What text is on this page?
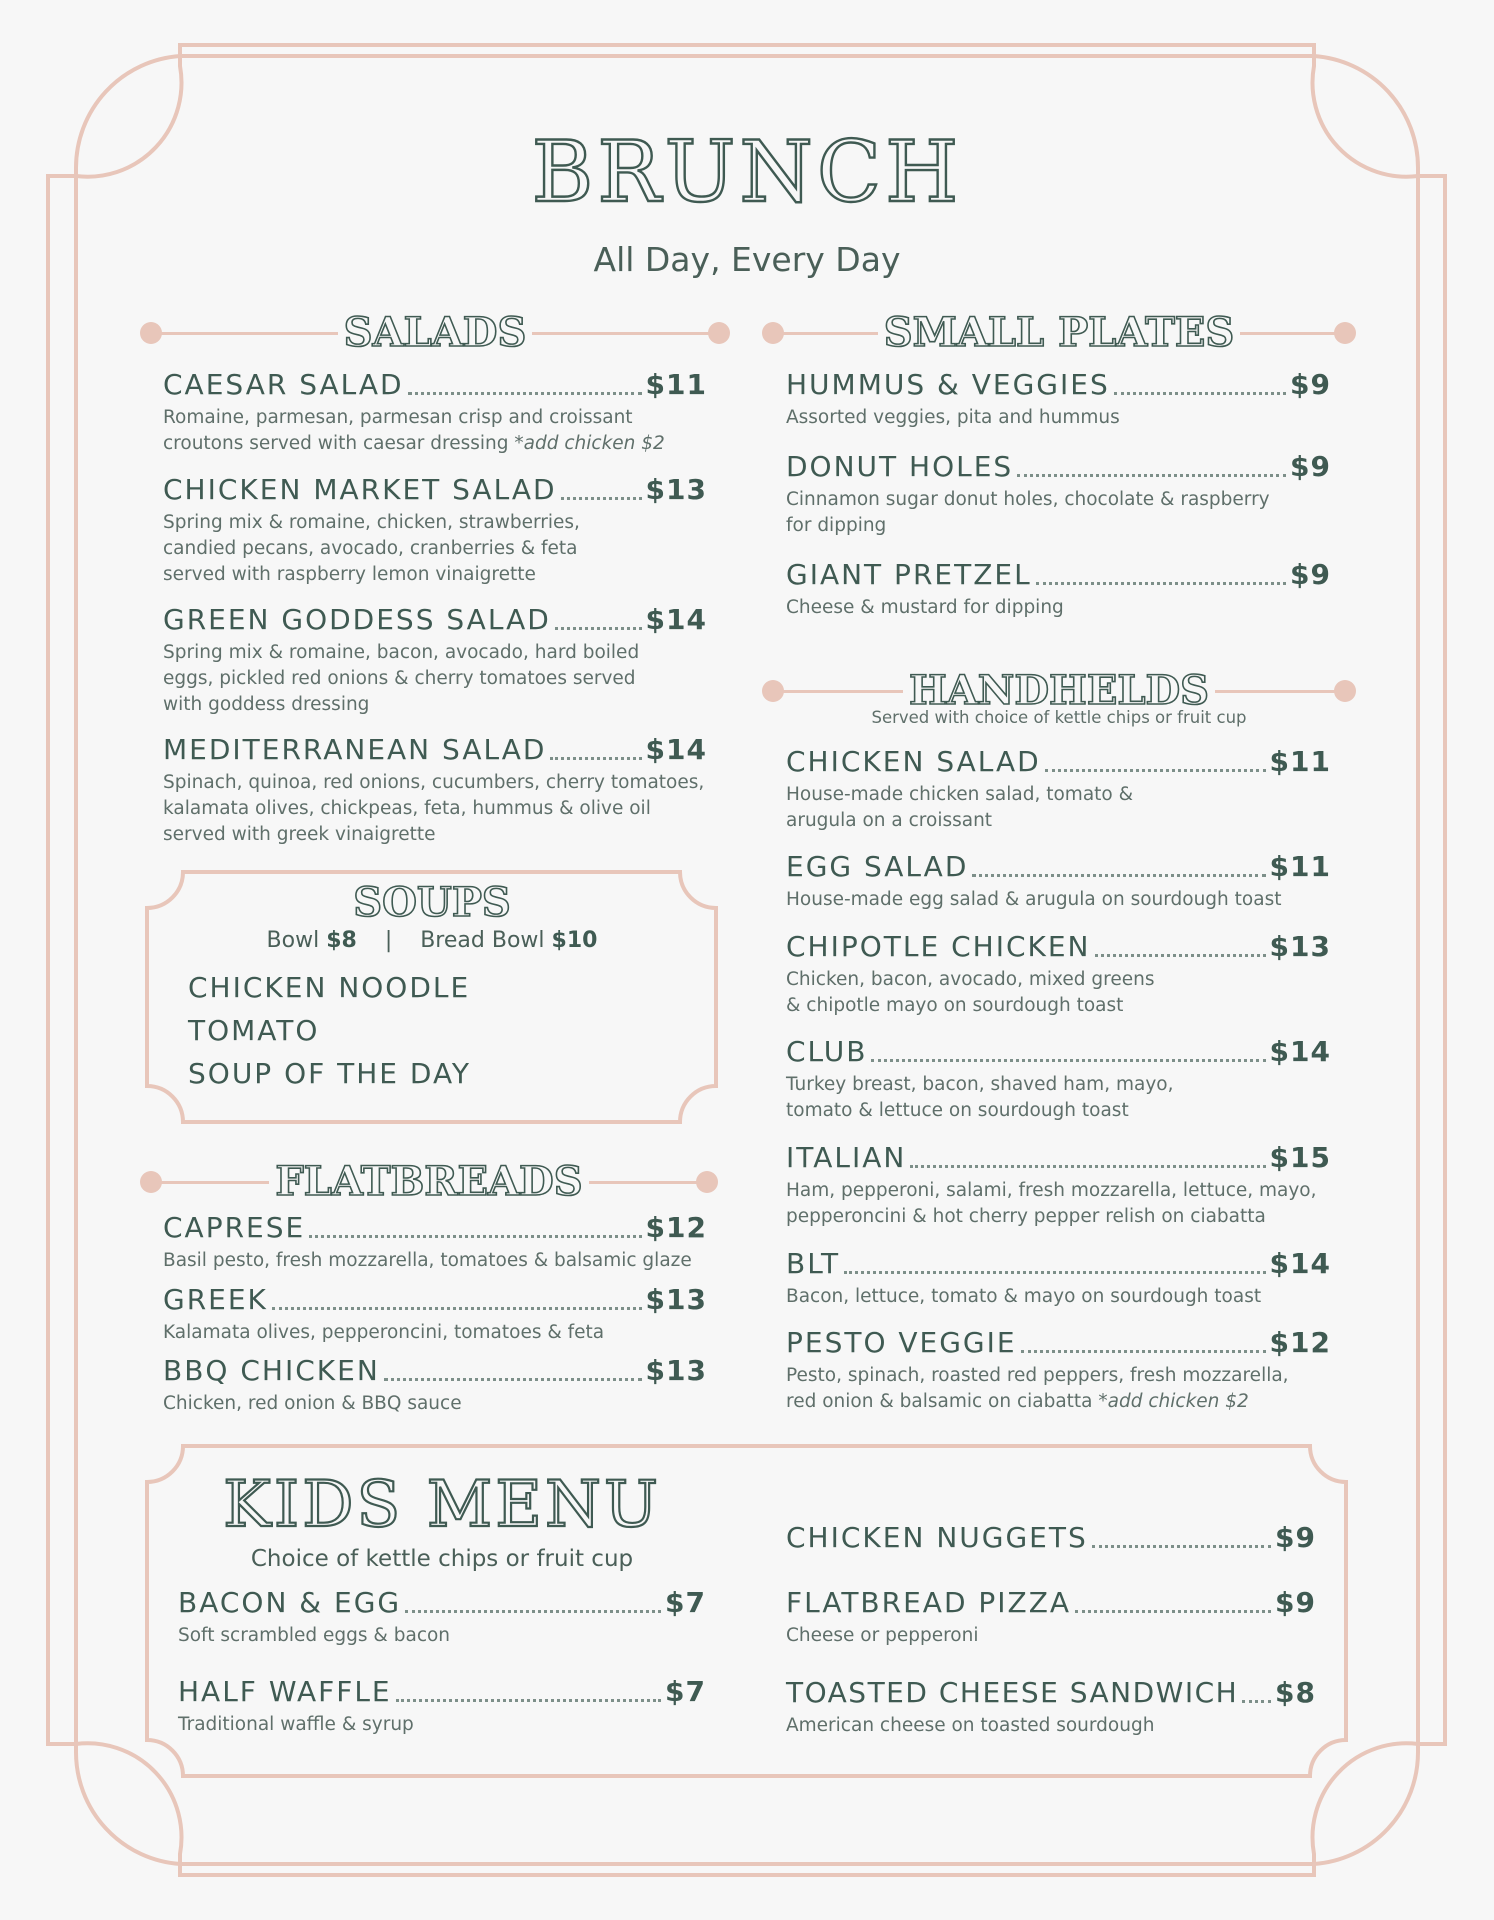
BRUNCH
All Day, Every Day
SALADS
CAESAR SALAD	$11
Romaine, parmesan, parmesan crisp and croissant
croutons served with caesar dressing *add chicken $2
CHICKEN MARKET SALAD	$13
Spring mix & romaine, chicken, strawberries,
candied pecans, avocado, cranberries & feta
served with raspberry lemon vinaigrette
GREEN GODDESS SALAD	$14
Spring mix & romaine, bacon, avocado, hard boiled
eggs, pickled red onions & cherry tomatoes served
with goddess dressing
MEDITERRANEAN SALAD	$14
Spinach, quinoa, red onions, cucumbers, cherry tomatoes,
kalamata olives, chickpeas, feta, hummus & olive oil
served with greek vinaigrette
SOUPS
Bowl $8 | Bread Bowl $10
CHICKEN NOODLE
TOMATO
SOUP OF THE DAY
FLATBREADS
CAPRESE	$12
Basil pesto, fresh mozzarella, tomatoes & balsamic glaze
GREEK	$13
Kalamata olives, pepperoncini, tomatoes & feta
BBQ CHICKEN	$13
Chicken, red onion & BBQ sauce
SMALL PLATES
HUMMUS & VEGGIES	$9
Assorted veggies, pita and hummus
DONUT HOLES	$9
Cinnamon sugar donut holes, chocolate & raspberry
for dipping
GIANT PRETZEL	$9
Cheese & mustard for dipping
HANDHELDS
Served with choice of kettle chips or fruit cup
CHICKEN SALAD	$11
House-made chicken salad, tomato &
arugula on a croissant
EGG SALAD	$11
House-made egg salad & arugula on sourdough toast
CHIPOTLE CHICKEN	$13
Chicken, bacon, avocado, mixed greens
& chipotle mayo on sourdough toast
CLUB	$14
Turkey breast, bacon, shaved ham, mayo,
tomato & lettuce on sourdough toast
ITALIAN	$15
Ham, pepperoni, salami, fresh mozzarella, lettuce, mayo,
pepperoncini & hot cherry pepper relish on ciabatta
BLT	$14
Bacon, lettuce, tomato & mayo on sourdough toast
PESTO VEGGIE	$12
Pesto, spinach, roasted red peppers, fresh mozzarella,
red onion & balsamic on ciabatta *add chicken $2
KIDS MENU
Choice of kettle chips or fruit cup
BACON & EGG	$7
Soft scrambled eggs & bacon
HALF WAFFLE	$7
Traditional waffle & syrup
CHICKEN NUGGETS	$9
FLATBREAD PIZZA	$9
Cheese or pepperoni
TOASTED CHEESE SANDWICH $8
American cheese on toasted sourdough
